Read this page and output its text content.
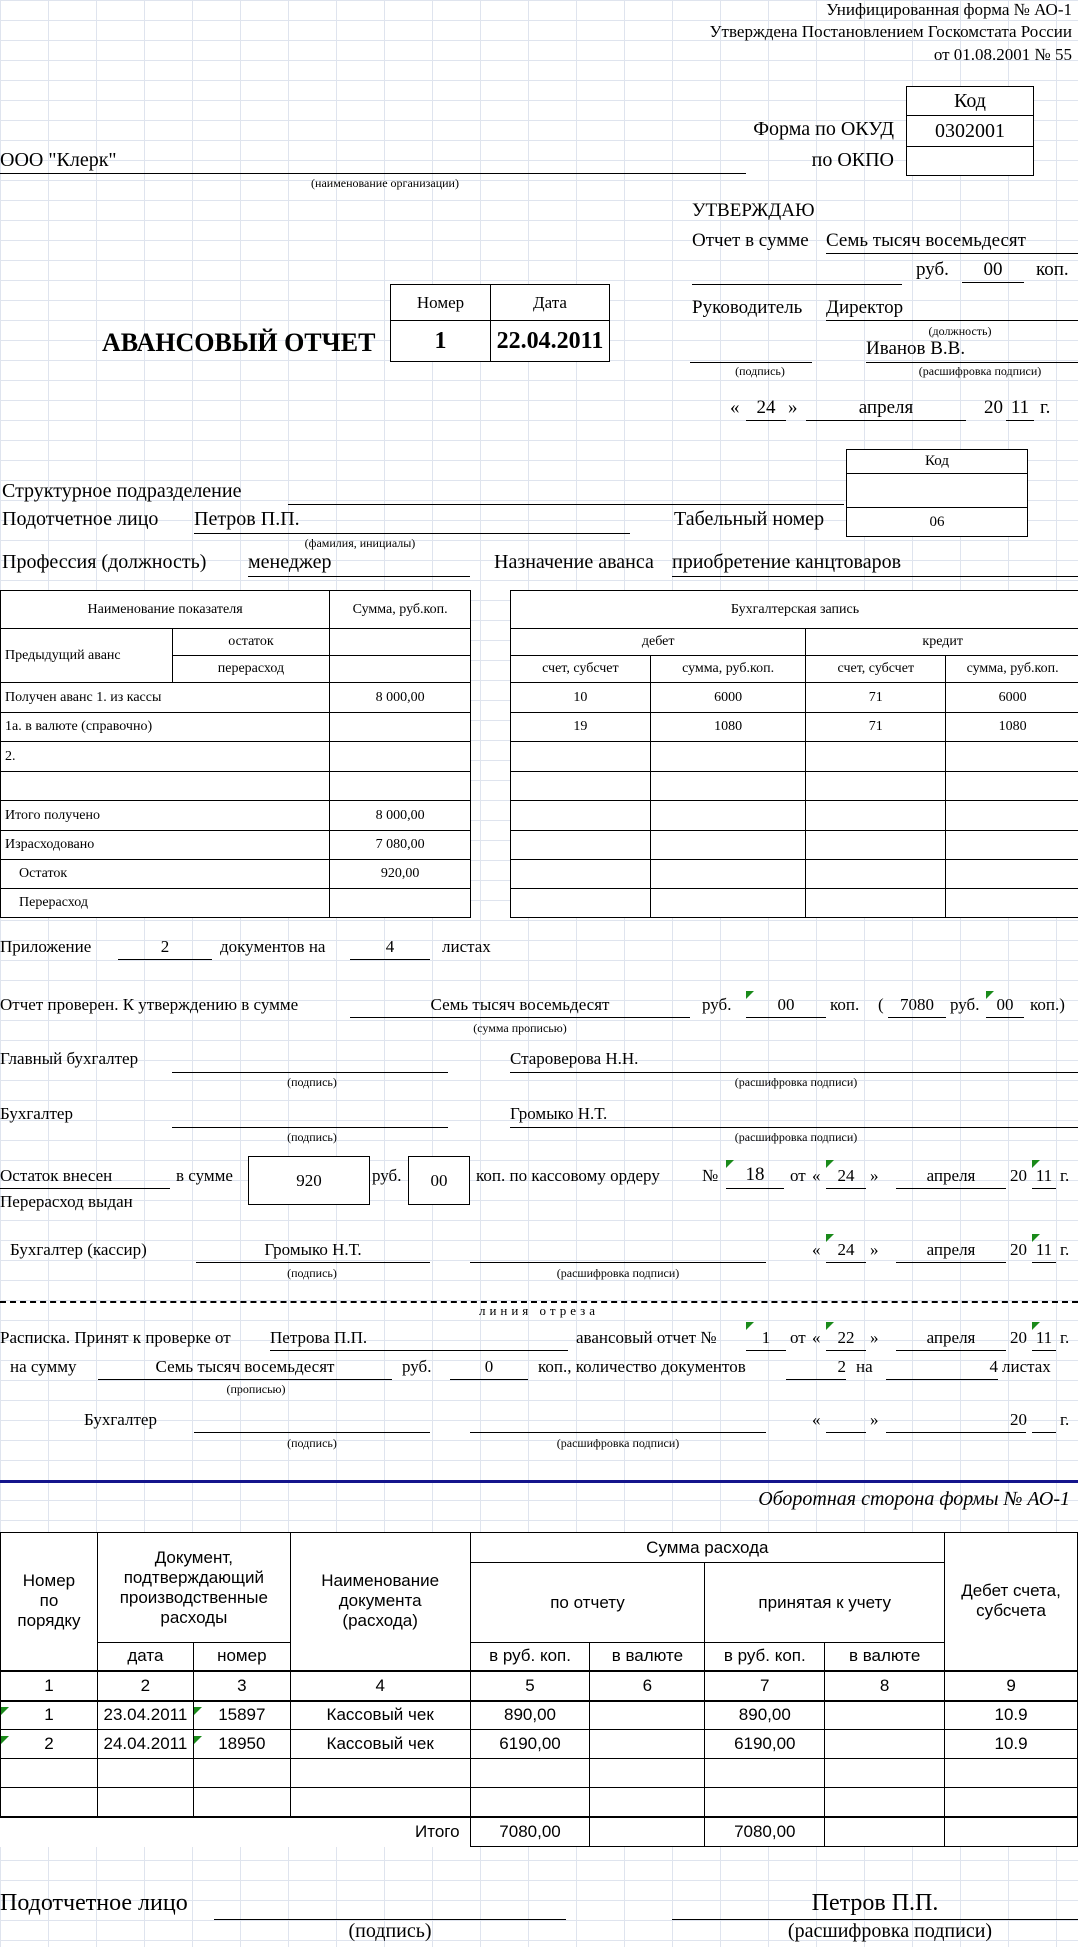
Унифицированная форма № АО-1
Утверждена Постановлением Госкомстата России
от 01.08.2001 № 55
Код
Форма по ОКУД	0302001
по ОКПО
ООО "Клерк"
(наименование организации)
УТВЕРЖДАЮ
Отчет в сумме Семь тысяч восемьдесят
руб.	00	коп.
Руководитель Директор
(должность)
Иванов В.В.
(подпись)	(расшифровка подписи)
« 24 »	апреля	20 11 г.
АВАНСОВЫЙ ОТЧЕТ
Номер	Дата
1	22.04.2011
Структурное подразделение
Код
06
Подотчетное лицо Петров П.П.	Табельный номер
(фамилия, инициалы)
Профессия (должность) менеджер	Назначение аванса приобретение канцтоваров
Наименование показателя		Сумма, руб.коп.
Предыдущий аванс	остаток	
	перерасход	
Получен аванс 1. из кассы		8 000,00
1а. в валюте (справочно)		
2.		

Итого получено		8 000,00
Израсходовано		7 080,00
Остаток		920,00
Перерасход		
Бухгалтерская запись			
дебет		кредит	
счет, субсчет	сумма, руб.коп.	счет, субсчет	сумма, руб.коп.
10	6000	71	6000
19	1080	71	1080

Приложение	2	документов на	4	листах
Отчет проверен. К утверждению в сумме	Семь тысяч восемьдесят
(сумма прописью)
руб.	00	коп. ( 7080 руб.	00 коп.)
Главный бухгалтер	Староверова Н.Н.
(подпись)	(расшифровка подписи)
Бухгалтер	Громыко Н.Т.
(подпись)	(расшифровка подписи)
Остаток внесен
Перерасход выдан
в сумме	920	руб.	00	коп. по кассовому ордеру №	18	от «	24 »	апреля	20 11 г.
Бухгалтер (кассир)	Громыко Н.Т.
(подпись)	(расшифровка подписи)
«	24 »	апреля	20 11 г.
линия отреза
Расписка. Принят к проверке от Петрова П.П.	авансовый отчет №	1	от «	22 »	апреля	20 11 г.
на сумму	Семь тысяч восемьдесят
(прописью)
руб.	0	коп., количество документов	2 на	4 листах
Бухгалтер
(подпись)	(расшифровка подписи)
«	»	20 г.
Оборотная сторона формы № АО-1
Номер
по
порядку	Документ,
подтверждающий
производственные
расходы		Наименование
документа
(расхода)	Сумма расхода				Дебет счета,
субсчета
				по отчету		принятая к учету		
	дата	номер		в руб. коп.	в валюте	в руб. коп.	в валюте	
1	2	3	4	5	6	7	8	9
1	23.04.2011	15897	Кассовый чек	890,00		890,00		10.9
2	24.04.2011	18950	Кассовый чек	6190,00		6190,00		10.9

Итого				7080,00		7080,00		
Подотчетное лицо	Петров П.П.
(подпись)	(расшифровка подписи)
